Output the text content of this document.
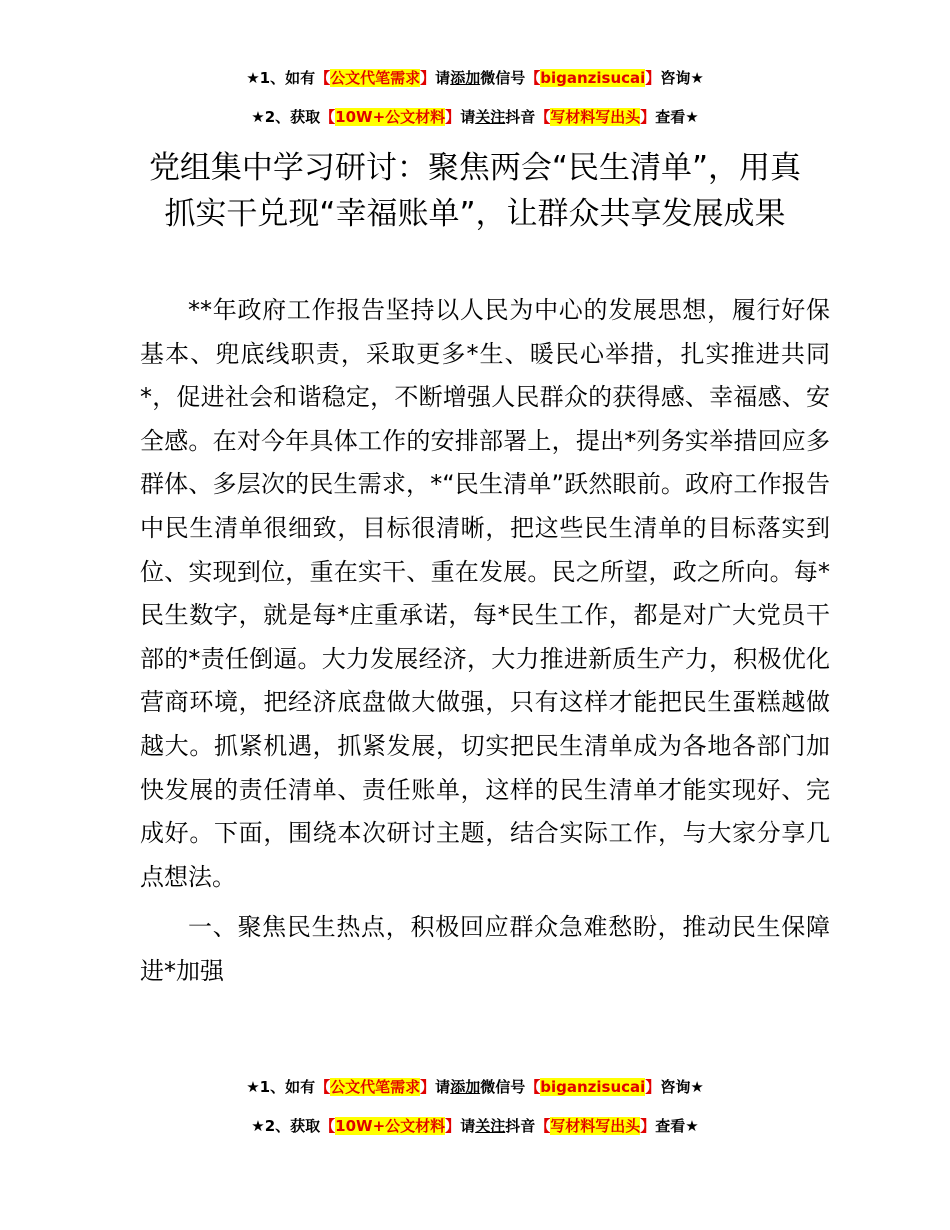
★1、如有【公文代笔需求】请添加微信号【biganzisucai】咨询★
★2、获取【10W+公文材料】请关注抖音【写材料写出头】查看★
党组集中学习研讨：聚焦两会“民生清单”，用真抓实干兑现“幸福账单”，让群众共享发展成果

**年政府工作报告坚持以人民为中心的发展思想，履行好保基本、兜底线职责，采取更多*生、暖民心举措，扎实推进共同*，促进社会和谐稳定，不断增强人民群众的获得感、幸福感、安全感。在对今年具体工作的安排部署上，提出*列务实举措回应多群体、多层次的民生需求，*“民生清单”跃然眼前。政府工作报告中民生清单很细致，目标很清晰，把这些民生清单的目标落实到位、实现到位，重在实干、重在发展。民之所望，政之所向。每*民生数字，就是每*庄重承诺，每*民生工作，都是对广大党员干部的*责任倒逼。大力发展经济，大力推进新质生产力，积极优化营商环境，把经济底盘做大做强，只有这样才能把民生蛋糕越做越大。抓紧机遇，抓紧发展，切实把民生清单成为各地各部门加快发展的责任清单、责任账单，这样的民生清单才能实现好、完成好。下面，围绕本次研讨主题，结合实际工作，与大家分享几点想法。

一、聚焦民生热点，积极回应群众急难愁盼，推动民生保障进*加强

★1、如有【公文代笔需求】请添加微信号【biganzisucai】咨询★
★2、获取【10W+公文材料】请关注抖音【写材料写出头】查看★
